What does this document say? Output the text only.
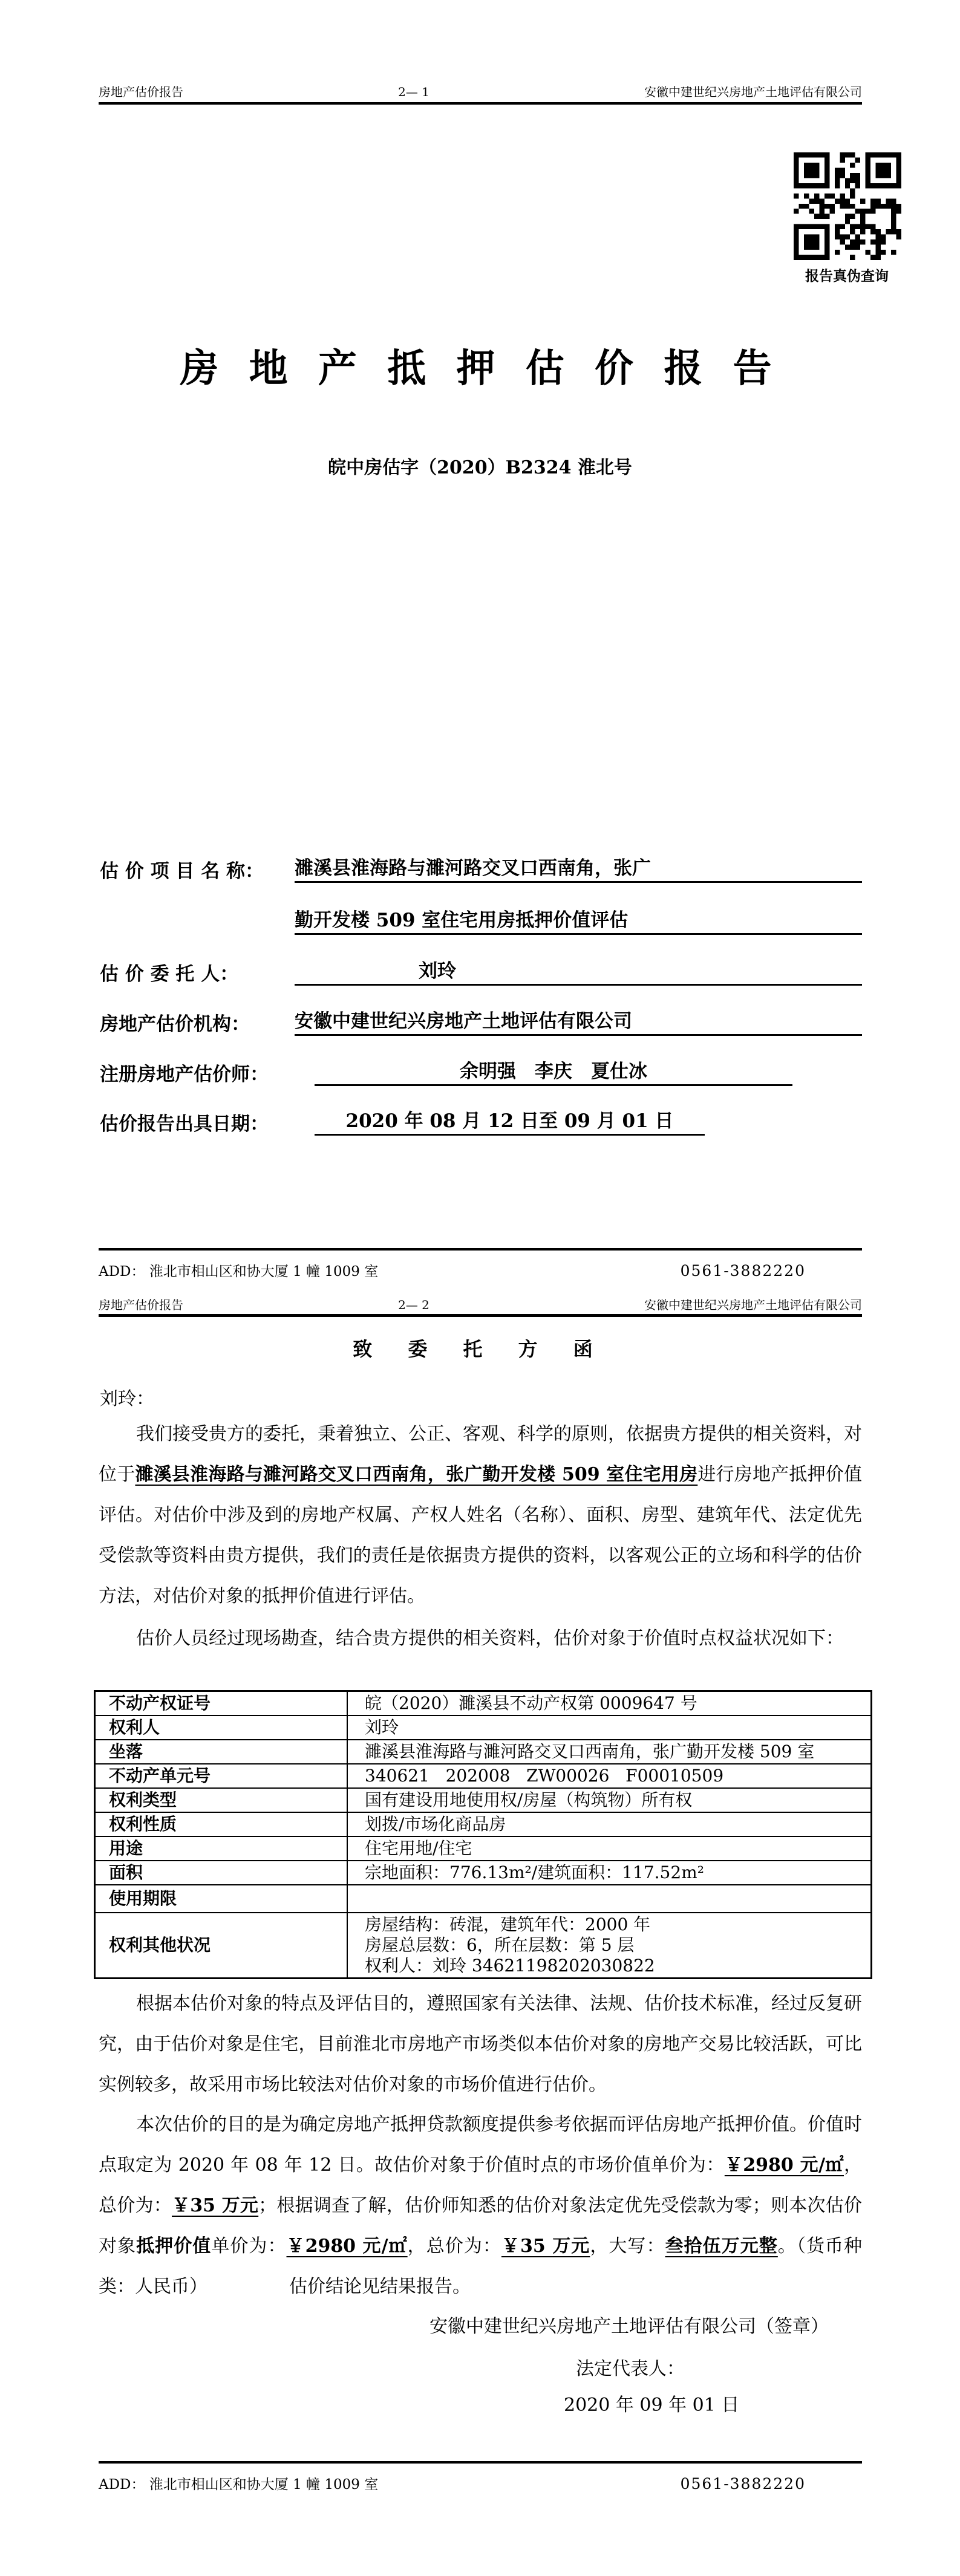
房地产估价报告	2— 1	安徽中建世纪兴房地产土地评估有限公司
报告真伪查询
房 地 产 抵 押 估 价 报 告
皖中房估字（2020）B2324 淮北号
估 价 项 目 名 称：	濉溪县淮海路与濉河路交叉口西南角，张广
勤开发楼 509 室住宅用房抵押价值评估
估 价 委 托 人：	刘玲
房地产估价机构：	安徽中建世纪兴房地产土地评估有限公司
注册房地产估价师：	余明强　李庆　夏仕冰
估价报告出具日期：	2020 年 08 月 12 日至 09 月 01 日
ADD： 淮北市相山区和协大厦 1 幢 1009 室	0561-3882220
房地产估价报告	2— 2	安徽中建世纪兴房地产土地评估有限公司
致 委 托 方 函
刘玲：
我们接受贵方的委托，秉着独立、公正、客观、科学的原则，依据贵方提供的相关资料，对位于濉溪县淮海路与濉河路交叉口西南角，张广勤开发楼 509 室住宅用房进行房地产抵押价值评估。对估价中涉及到的房地产权属、产权人姓名（名称）、面积、房型、建筑年代、法定优先受偿款等资料由贵方提供，我们的责任是依据贵方提供的资料，以客观公正的立场和科学的估价方法，对估价对象的抵押价值进行评估。
估价人员经过现场勘查，结合贵方提供的相关资料，估价对象于价值时点权益状况如下：
不动产权证号	皖（2020）濉溪县不动产权第 0009647 号

权利人	刘玲

坐落	濉溪县淮海路与濉河路交叉口西南角，张广勤开发楼 509 室

不动产单元号	340621   202008   ZW00026   F00010509

权利类型	国有建设用地使用权/房屋（构筑物）所有权

权利性质	划拨/市场化商品房

用途	住宅用地/住宅

面积	宗地面积：776.13m²/建筑面积：117.52m²

使用期限	

权利其他状况	房屋结构：砖混，建筑年代：2000 年
房屋总层数：6，所在层数：第 5 层
权利人：刘玲 34621198202030822
根据本估价对象的特点及评估目的，遵照国家有关法律、法规、估价技术标准，经过反复研究，由于估价对象是住宅，目前淮北市房地产市场类似本估价对象的房地产交易比较活跃，可比实例较多，故采用市场比较法对估价对象的市场价值进行估价。
本次估价的目的是为确定房地产抵押贷款额度提供参考依据而评估房地产抵押价值。价值时点取定为 2020 年 08 年 12 日。故估价对象于价值时点的市场价值单价为：￥2980 元/㎡，总价为：￥35 万元；根据调查了解，估价师知悉的估价对象法定优先受偿款为零；则本次估价对象抵押价值单价为：￥2980 元/㎡，总价为：￥35 万元，大写：叁拾伍万元整。（货币种类：人民币）　　　　　估价结论见结果报告。
安徽中建世纪兴房地产土地评估有限公司（签章）
法定代表人：
2020 年 09 年 01 日
ADD： 淮北市相山区和协大厦 1 幢 1009 室	0561-3882220
